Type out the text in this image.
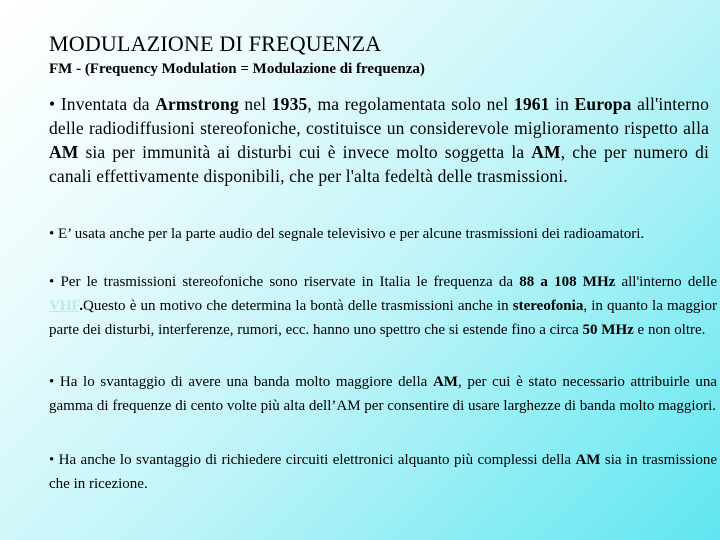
MODULAZIONE DI FREQUENZA
FM - (Frequency Modulation = Modulazione di frequenza)
• Inventata da Armstrong nel 1935, ma regolamentata solo nel 1961 in Europa all'interno delle radiodiffusioni stereofoniche, costituisce un considerevole miglioramento rispetto alla AM sia per immunità ai disturbi cui è invece molto soggetta la AM, che per numero di canali effettivamente disponibili, che per l'alta fedeltà delle trasmissioni.
• E’ usata anche per la parte audio del segnale televisivo e per alcune trasmissioni dei radioamatori.
• Per le trasmissioni stereofoniche sono riservate in Italia le frequenza da 88 a 108 MHz all'interno delle VHF.Questo è un motivo che determina la bontà delle trasmissioni anche in stereofonia, in quanto la maggior parte dei disturbi, interferenze, rumori, ecc. hanno uno spettro che si estende fino a circa 50 MHz e non oltre.
• Ha lo svantaggio di avere una banda molto maggiore della AM, per cui è stato necessario attribuirle una gamma di frequenze di cento volte più alta dell’AM per consentire di usare larghezze di banda molto maggiori.
• Ha anche lo svantaggio di richiedere circuiti elettronici alquanto più complessi della AM sia in trasmissione che in ricezione.
